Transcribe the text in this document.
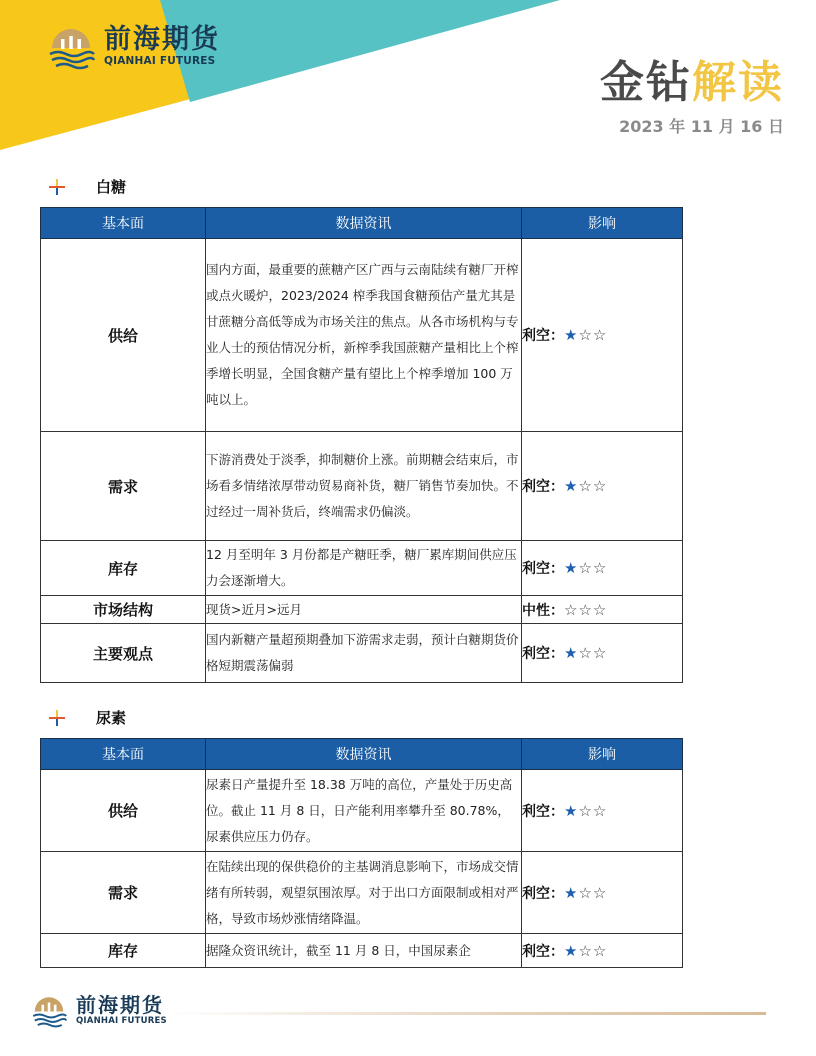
前海期货
QIANHAI FUTURES	金钻解读
2023 年 11 月 16 日
白糖
基本面	数据资讯	影响
供给	国内方面，最重要的蔗糖产区广西与云南陆续有糖厂开榨或点火暖炉，2023/2024 榨季我国食糖预估产量尤其是甘蔗糖分高低等成为市场关注的焦点。从各市场机构与专业人士的预估情况分析，新榨季我国蔗糖产量相比上个榨季增长明显，全国食糖产量有望比上个榨季增加 100 万吨以上。	利空：★☆☆
需求	下游消费处于淡季，抑制糖价上涨。前期糖会结束后，市场看多情绪浓厚带动贸易商补货，糖厂销售节奏加快。不过经过一周补货后，终端需求仍偏淡。	利空：★☆☆
库存	12 月至明年 3 月份都是产糖旺季，糖厂累库期间供应压力会逐渐增大。	利空：★☆☆
市场结构	现货>近月>远月	中性：☆☆☆
主要观点	国内新糖产量超预期叠加下游需求走弱，预计白糖期货价格短期震荡偏弱	利空：★☆☆
尿素
基本面	数据资讯	影响
供给	尿素日产量提升至 18.38 万吨的高位，产量处于历史高位。截止 11 月 8 日，日产能利用率攀升至 80.78%，尿素供应压力仍存。	利空：★☆☆
需求	在陆续出现的保供稳价的主基调消息影响下，市场成交情绪有所转弱，观望氛围浓厚。对于出口方面限制或相对严格，导致市场炒涨情绪降温。	利空：★☆☆
库存	据隆众资讯统计，截至 11 月 8 日，中国尿素企	利空：★☆☆
前海期货
QIANHAI FUTURES
